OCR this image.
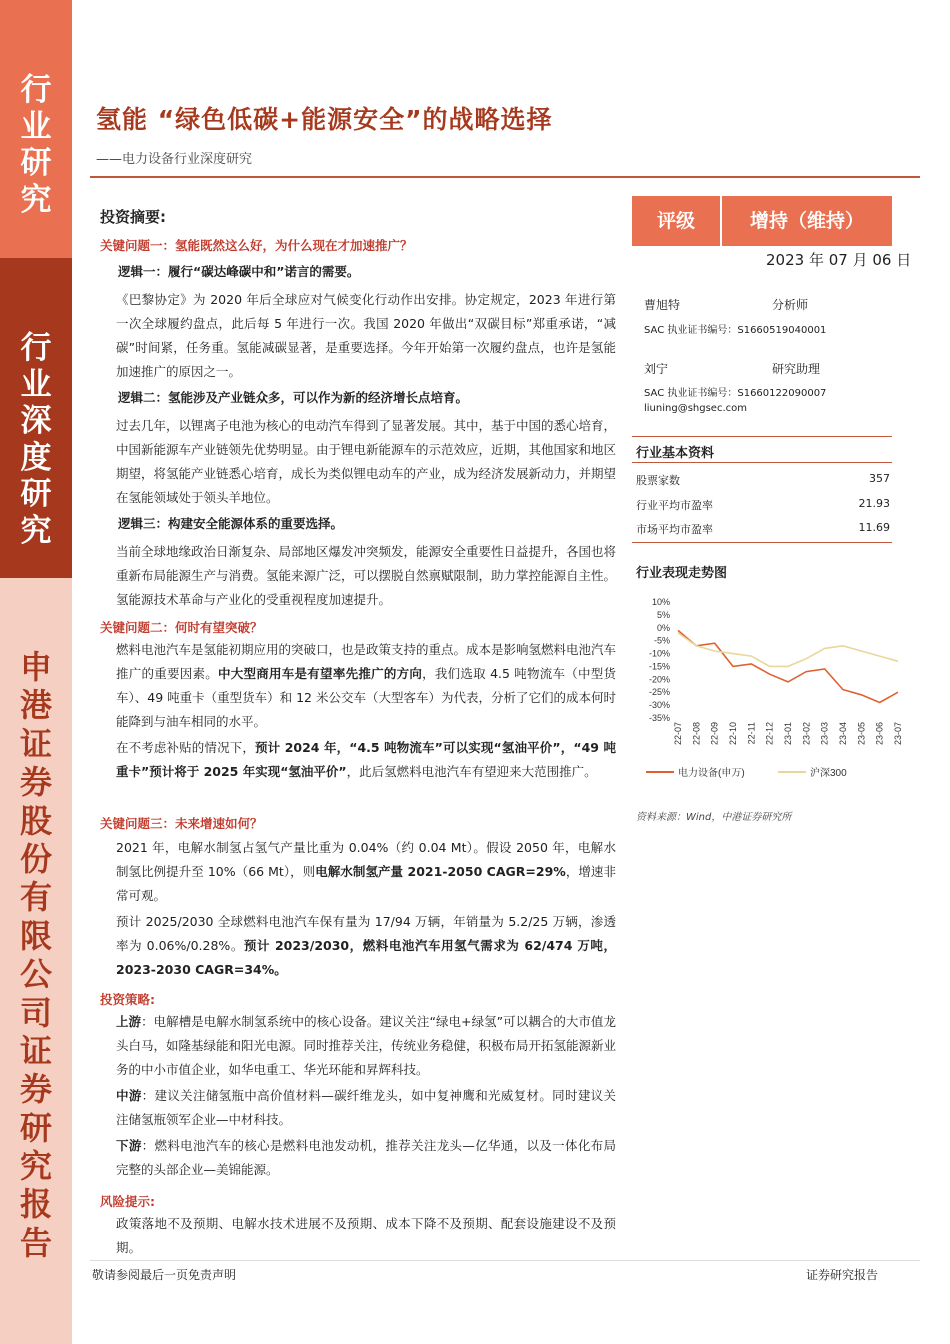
行
业
研
究
行
业
深
度
研
究
申
港
证
券
股
份
有
限
公
司
证
券
研
究
报
告
氢能 “绿色低碳+能源安全”的战略选择
——电力设备行业深度研究
投资摘要:
关键问题一：氢能既然这么好，为什么现在才加速推广？
逻辑一：履行“碳达峰碳中和”诺言的需要。
《巴黎协定》为 2020 年后全球应对气候变化行动作出安排。协定规定，2023 年进行第一次全球履约盘点，此后每 5 年进行一次。我国 2020 年做出“双碳目标”郑重承诺，“减碳”时间紧，任务重。氢能减碳显著，是重要选择。今年开始第一次履约盘点，也许是氢能加速推广的原因之一。
逻辑二：氢能涉及产业链众多，可以作为新的经济增长点培育。
过去几年，以锂离子电池为核心的电动汽车得到了显著发展。其中，基于中国的悉心培育，中国新能源车产业链领先优势明显。由于锂电新能源车的示范效应，近期，其他国家和地区期望，将氢能产业链悉心培育，成长为类似锂电动车的产业，成为经济发展新动力，并期望在氢能领域处于领头羊地位。
逻辑三：构建安全能源体系的重要选择。
当前全球地缘政治日渐复杂、局部地区爆发冲突频发，能源安全重要性日益提升，各国也将重新布局能源生产与消费。氢能来源广泛，可以摆脱自然禀赋限制，助力掌控能源自主性。氢能源技术革命与产业化的受重视程度加速提升。
关键问题二：何时有望突破？
燃料电池汽车是氢能初期应用的突破口，也是政策支持的重点。成本是影响氢燃料电池汽车推广的重要因素。中大型商用车是有望率先推广的方向，我们选取 4.5 吨物流车（中型货车）、49 吨重卡（重型货车）和 12 米公交车（大型客车）为代表，分析了它们的成本何时能降到与油车相同的水平。
在不考虑补贴的情况下，预计 2024 年，“4.5 吨物流车”可以实现“氢油平价”，“49 吨重卡”预计将于 2025 年实现“氢油平价”，此后氢燃料电池汽车有望迎来大范围推广。
关键问题三：未来增速如何？
2021 年，电解水制氢占氢气产量比重为 0.04%（约 0.04 Mt）。假设 2050 年，电解水制氢比例提升至 10%（66 Mt），则电解水制氢产量 2021-2050 CAGR=29%，增速非常可观。
预计 2025/2030 全球燃料电池汽车保有量为 17/94 万辆，年销量为 5.2/25 万辆，渗透率为 0.06%/0.28%。预计 2023/2030，燃料电池汽车用氢气需求为 62/474 万吨，2023-2030 CAGR=34%。
投资策略:
上游：电解槽是电解水制氢系统中的核心设备。建议关注“绿电+绿氢”可以耦合的大市值龙头白马，如隆基绿能和阳光电源。同时推荐关注，传统业务稳健，积极布局开拓氢能源新业务的中小市值企业，如华电重工、华光环能和昇辉科技。
中游：建议关注储氢瓶中高价值材料—碳纤维龙头，如中复神鹰和光威复材。同时建议关注储氢瓶领军企业—中材科技。
下游：燃料电池汽车的核心是燃料电池发动机，推荐关注龙头—亿华通，以及一体化布局完整的头部企业—美锦能源。
风险提示:
政策落地不及预期、电解水技术进展不及预期、成本下降不及预期、配套设施建设不及预期。
评级	增持（维持）
2023 年 07 月 06 日
曹旭特	分析师
SAC 执业证书编号：S1660519040001
刘宁	研究助理
SAC 执业证书编号：S1660122090007
liuning@shgsec.com
行业基本资料
股票家数	357
行业平均市盈率	21.93
市场平均市盈率	11.69
行业表现走势图
10%
5%
0%
-5%
-10%
-15%
-20%
-25%
-30%
-35%
22-07 22-08 22-09 22-10 22-11 22-12 23-01 23-02 23-03 23-04 23-05 23-06 23-07
电力设备(申万)	沪深300
资料来源：Wind，中港证券研究所
敬请参阅最后一页免责声明	证券研究报告
